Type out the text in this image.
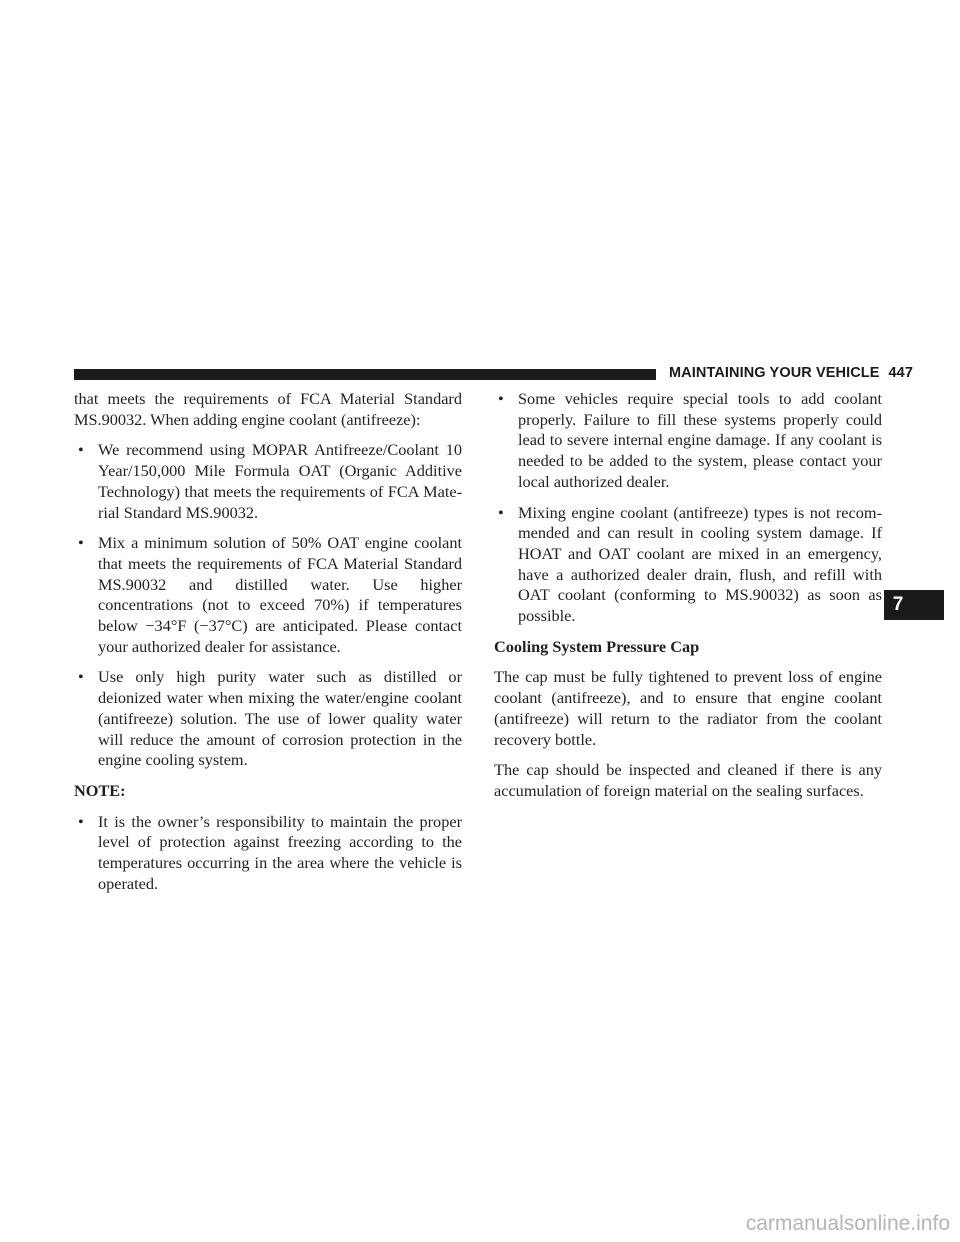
MAINTAINING YOUR VEHICLE 447

that meets the requirements of FCA Material Standard MS.90032. When adding engine coolant (antifreeze):

• We recommend using MOPAR Antifreeze/Coolant 10 Year/150,000 Mile Formula OAT (Organic Additive Technology) that meets the requirements of FCA Material Standard MS.90032.
• Mix a minimum solution of 50% OAT engine coolant that meets the requirements of FCA Material Standard MS.90032 and distilled water. Use higher concentrations (not to exceed 70%) if temperatures below −34°F (−37°C) are anticipated. Please contact your authorized dealer for assistance.
• Use only high purity water such as distilled or deionized water when mixing the water/engine coolant (antifreeze) solution. The use of lower quality water will reduce the amount of corrosion protection in the engine cooling system.
NOTE:
• It is the owner’s responsibility to maintain the proper level of protection against freezing according to the temperatures occurring in the area where the vehicle is operated.
• Some vehicles require special tools to add coolant properly. Failure to fill these systems properly could lead to severe internal engine damage. If any coolant is needed to be added to the system, please contact your local authorized dealer.
• Mixing engine coolant (antifreeze) types is not recommended and can result in cooling system damage. If HOAT and OAT coolant are mixed in an emergency, have a authorized dealer drain, flush, and refill with OAT coolant (conforming to MS.90032) as soon as possible.
Cooling System Pressure Cap

The cap must be fully tightened to prevent loss of engine coolant (antifreeze), and to ensure that engine coolant (antifreeze) will return to the radiator from the coolant recovery bottle.

The cap should be inspected and cleaned if there is any accumulation of foreign material on the sealing surfaces.

7
carmanualsonline.info
